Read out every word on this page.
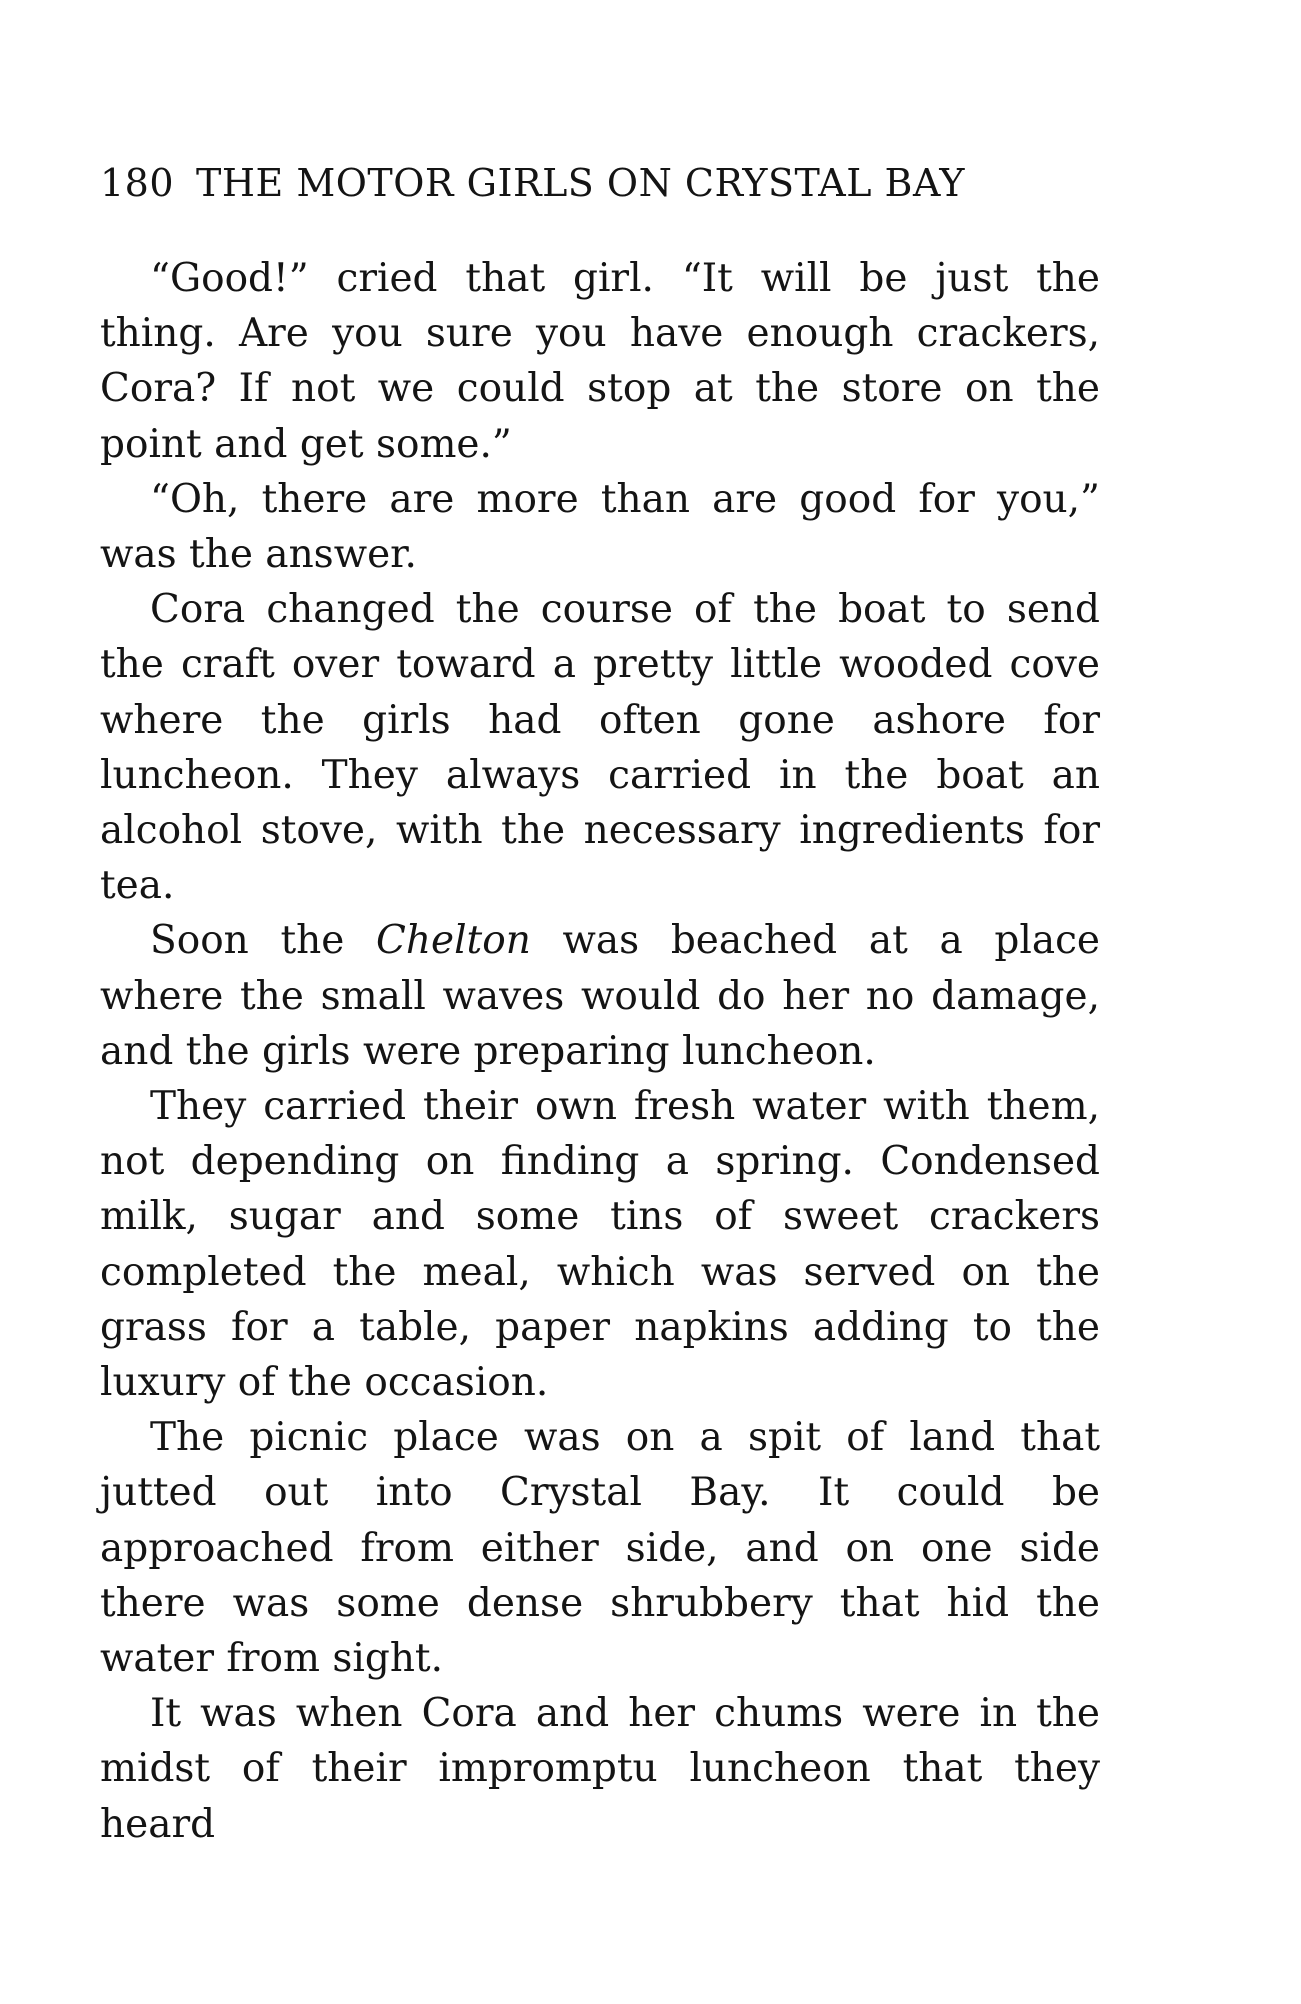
180 THE MOTOR GIRLS ON CRYSTAL BAY

“Good!” cried that girl. “It will be just the thing. Are you sure you have enough crackers, Cora? If not we could stop at the store on the point and get some.”

“Oh, there are more than are good for you,” was the answer.

Cora changed the course of the boat to send the craft over toward a pretty little wooded cove where the girls had often gone ashore for luncheon. They always carried in the boat an alcohol stove, with the necessary ingredients for tea.

Soon the Chelton was beached at a place where the small waves would do her no damage, and the girls were preparing luncheon.

They carried their own fresh water with them, not depending on finding a spring. Condensed milk, sugar and some tins of sweet crackers completed the meal, which was served on the grass for a table, paper napkins adding to the luxury of the occasion.

The picnic place was on a spit of land that jutted out into Crystal Bay. It could be approached from either side, and on one side there was some dense shrubbery that hid the water from sight.

It was when Cora and her chums were in the midst of their impromptu luncheon that they heard
